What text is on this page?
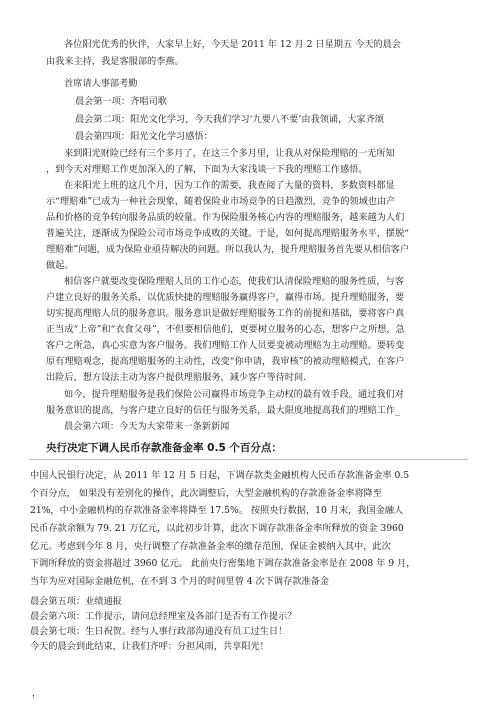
各位阳光优秀的伙伴，大家早上好，今天是 2011 年 12 月 2 日星期五 今天的晨会
由我来主持，我是客服部的李燕。
首席请人事部考勤
晨会第一项：齐唱司歌
晨会第二项：阳光文化学习，今天我们学习‘九要八不要’由我领诵，大家齐颂
晨会第四项：阳光文化学习感悟：
来到阳光财险已经有三个多月了，在这三个多月里，让我从对保险理赔的一无所知
，到今天对理赔工作更加深入的了解，下面为大家浅谈一下我的理赔工作感悟。
在来阳光上班的这几个月，因为工作的需要，我查阅了大量的资料，多数资料都显
示“理赔难”已成为一种社会现象，随着保险业市场竞争的日趋激烈，竞争的领域也由产
品和价格的竞争转向服务品质的较量。作为保险服务核心内容的理赔服务，越来越为人们
普遍关注，逐渐成为保险公司市场竞争成败的关键。于是，如何提高理赔服务水平，摆脱“
理赔难”问题，成为保险业亟待解决的问题。所以我认为，提升理赔服务首先要从相信客户
做起。
相信客户就要改变保险理赔人员的工作心态，使我们认清保险理赔的服务性质，与客
户建立良好的服务关系，以优质快捷的理赔服务赢得客户，赢得市场。提升理赔服务，要
切实提高理赔人员的服务意识。服务意识是做好理赔服务工作的前提和基础，要将客户真
正当成“上帝”和“衣食父母”，不但要相信他们，更要树立服务的心态，想客户之所想，急
客户之所急，真心实意为客户服务。我们理赔工作人员要变被动理赔为主动理赔。要转变
原有理赔观念，提高理赔服务的主动性，改变“你申请，我审核”的被动理赔模式，在客户
出险后，想方设法主动为客户提供理赔服务，减少客户等待时间.
如今，提升理赔服务是我们保险公司赢得市场竞争主动权的最有效手段。通过我们对
服务意识的提高，与客户建立良好的信任与服务关系，最大限度地提高我们的理赔工作_
晨会第六项：今天为大家带来一条新新闻
央行决定下调人民币存款准备金率 0.5 个百分点：
中国人民银行决定，从 2011 年 12 月 5 日起，下调存款类金融机构人民币存款准备金率 0.5
个百分点， 如果没有差别化的操作，此次调整后，大型金融机构的存款准备金率将降至
21%，中小金融机构的存款准备金率将降至 17.5%。 按照央行数据，10 月末，我国金融人
民币存款余额为 79. 21 万亿元，以此初步计算，此次下调存款准备金率所释放的资金 3960
亿元。考虑到今年 8 月，央行调整了存款准备金率的缴存范围，保证金被纳入其中，此次
下调所释放的资金将超过 3960 亿元。 此前央行密集地下调存款准备金率是在 2008 年 9 月，
当年为应对国际金融危机，在不到 3 个月的时间里曾 4 次下调存款准备金
晨会第五项：业绩通报
晨会第六项：工作提示，请问总经理室及各部门是否有工作提示？
晨会第七项：生日祝贺。经与人事行政部沟通没有员工过生日！
今天的晨会到此结束，让我们齐呼：分担风雨，共享阳光！
，
